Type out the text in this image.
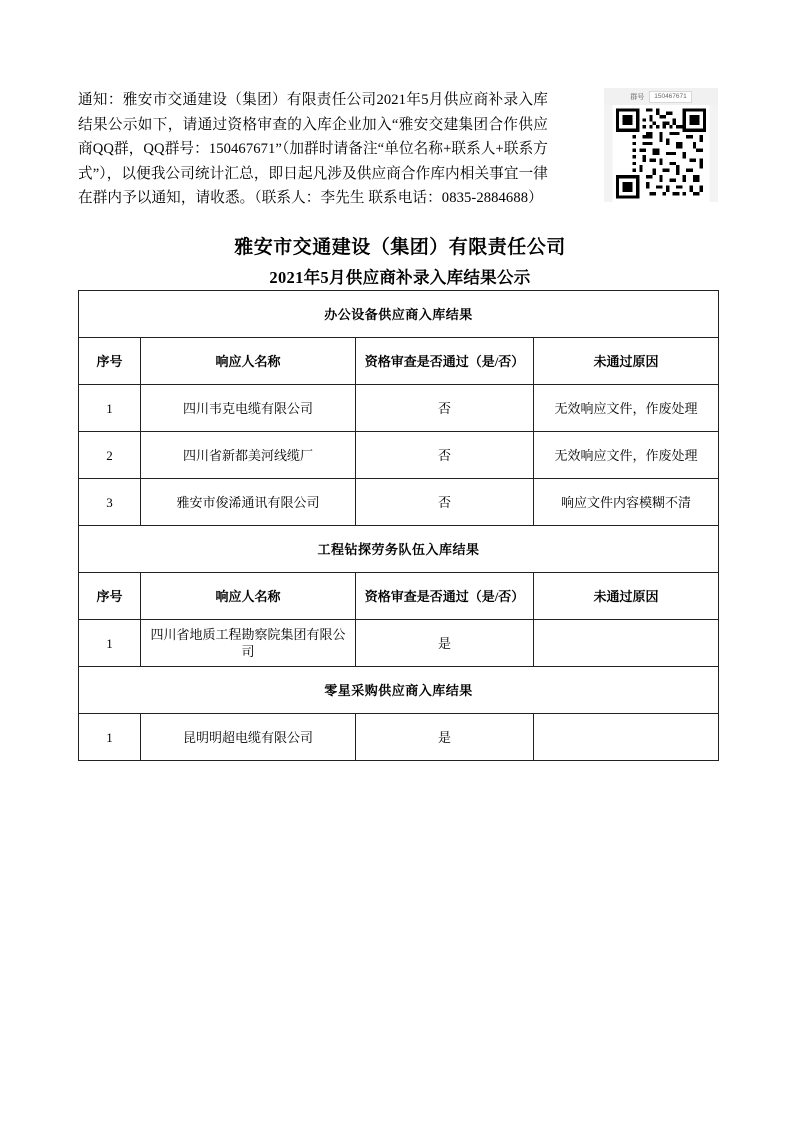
通知：雅安市交通建设（集团）有限责任公司2021年5月供应商补录入库结果公示如下，请通过资格审查的入库企业加入“雅安交建集团合作供应商QQ群，QQ群号：150467671”（加群时请备注“单位名称+联系人+联系方式”），以便我公司统计汇总，即日起凡涉及供应商合作库内相关事宜一律在群内予以通知，请收悉。（联系人：李先生 联系电话：0835-2884688）
群号	150467671
雅安市交通建设（集团）有限责任公司
2021年5月供应商补录入库结果公示
办公设备供应商入库结果			
序号	响应人名称	资格审查是否通过（是/否）	未通过原因
1	四川韦克电缆有限公司	否	无效响应文件，作废处理
2	四川省新都美河线缆厂	否	无效响应文件，作废处理
3	雅安市俊浠通讯有限公司	否	响应文件内容模糊不清
工程钻探劳务队伍入库结果			
序号	响应人名称	资格审查是否通过（是/否）	未通过原因
1	四川省地质工程勘察院集团有限公司	是	
零星采购供应商入库结果			
1	昆明明超电缆有限公司	是	
